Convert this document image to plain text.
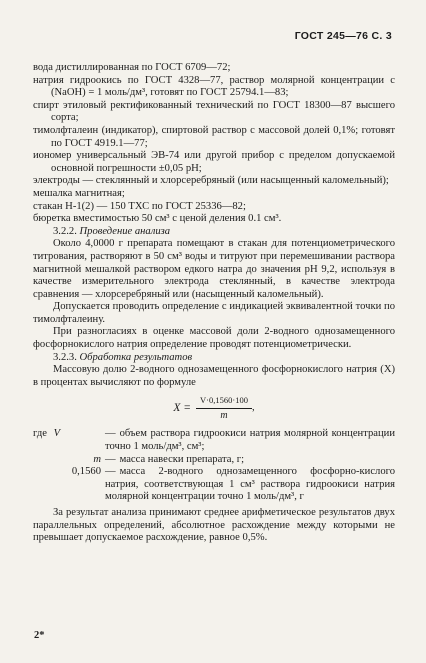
ГОСТ 245—76 С. 3

вода дистиллированная по ГОСТ 6709—72;

натрия гидроокись по ГОСТ 4328—77, раствор молярной концентрации с (NaOH) = 1 моль/дм³, готовят по ГОСТ 25794.1—83;

спирт этиловый ректификованный технический по ГОСТ 18300—87 высшего сорта;

тимолфталеин (индикатор), спиртовой раствор с массовой долей 0,1%; готовят по ГОСТ 4919.1—77;

иономер универсальный ЭВ-74 или другой прибор с пределом допускаемой основной погрешности ±0,05 pH;

электроды — стеклянный и хлорсеребряный (или насыщенный каломельный);

мешалка магнитная;

стакан Н-1(2) — 150 ТХС по ГОСТ 25336—82;

бюретка вместимостью 50 см³ с ценой деления 0.1 см³.

3.2.2. Проведение анализа

Около 4,0000 г препарата помещают в стакан для потенциометрического титрования, растворяют в 50 см³ воды и титруют при перемешивании раствора магнитной мешалкой раствором едкого натра до значения pH 9,2, используя в качестве измерительного электрода стеклянный, в качестве электрода сравнения — хлорсеребряный или (насыщенный каломельный).

Допускается проводить определение с индикацией эквивалентной точки по тимолфталеину.

При разногласиях в оценке массовой доли 2-водного однозамещенного фосфорнокислого натрия определение проводят потенциометрически.

3.2.3. Обработка результатов

Массовую долю 2-водного однозамещенного фосфорнокислого натрия (X) в процентах вычисляют по формуле

$X = \frac{V\cdot 0,1560\cdot 100}{m}$ ,
где V	— объем раствора гидроокиси натрия молярной концентрации точно 1 моль/дм³, см³;
m — масса навески препарата, г;
0,1560 — масса 2-водного однозамещенного фосфорно-кислого натрия, соответствующая 1 см³ раствора гидроокиси натрия молярной концентрации точно 1 моль/дм³, г

За результат анализа принимают среднее арифметическое результатов двух параллельных определений, абсолютное расхождение между которыми не превышает допускаемое расхождение, равное 0,5%.

2*
